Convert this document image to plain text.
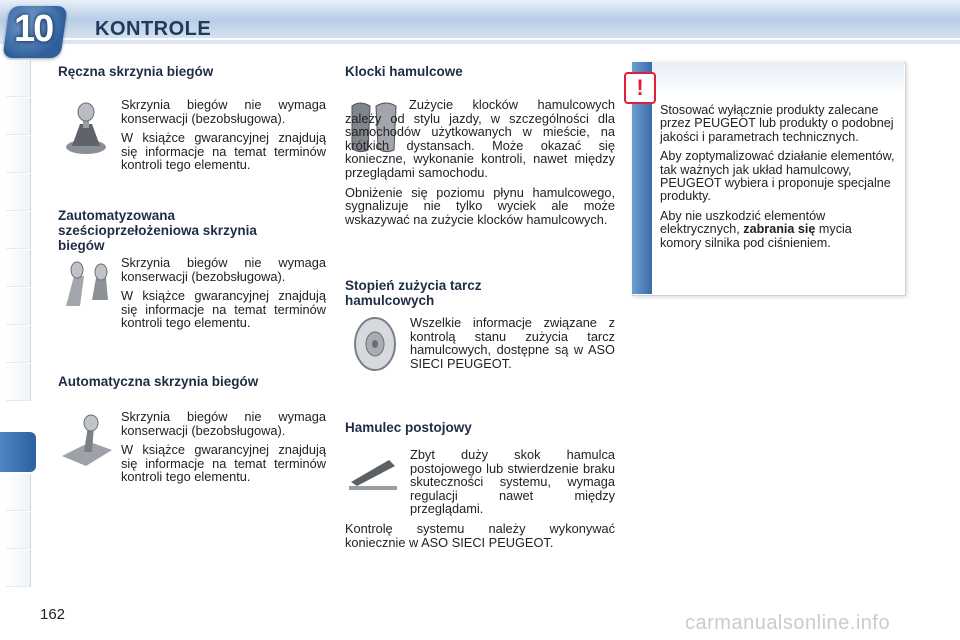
10 KONTROLE
Ręczna skrzynia biegów

Skrzynia biegów nie wymaga konserwacji (bezobsługowa).

W książce gwarancyjnej znajdują się informacje na temat terminów kontroli tego elementu.

Zautomatyzowana
sześcioprzełożeniowa skrzynia
biegów

Skrzynia biegów nie wymaga konserwacji (bezobsługowa).

W książce gwarancyjnej znajdują się informacje na temat terminów kontroli tego elementu.

Automatyczna skrzynia biegów

Skrzynia biegów nie wymaga konserwacji (bezobsługowa).

W książce gwarancyjnej znajdują się informacje na temat terminów kontroli tego elementu.

Klocki hamulcowe

Zużycie klocków hamulcowych zależy od stylu jazdy, w szczególności dla samochodów użytkowanych w mieście, na krótkich dystansach. Może okazać się konieczne, wykonanie kontroli, nawet między przeglądami samochodu.

Obniżenie się poziomu płynu hamulcowego, sygnalizuje nie tylko wyciek ale może wskazywać na zużycie klocków hamulcowych.

Stopień zużycia tarcz
hamulcowych

Wszelkie informacje związane z kontrolą stanu zużycia tarcz hamulcowych, dostępne są w ASO SIECI PEUGEOT.

Hamulec postojowy

Zbyt duży skok hamulca postojowego lub stwierdzenie braku skuteczności systemu, wymaga regulacji nawet między przeglądami.

Kontrolę systemu należy wykonywać koniecznie w ASO SIECI PEUGEOT.

!

Stosować wyłącznie produkty zalecane przez PEUGEOT lub produkty o podobnej jakości i parametrach technicznych.

Aby zoptymalizować działanie elementów, tak ważnych jak układ hamulcowy, PEUGEOT wybiera i proponuje specjalne produkty.

Aby nie uszkodzić elementów elektrycznych, zabrania się mycia komory silnika pod ciśnieniem.

162	carmanualsonline.info
